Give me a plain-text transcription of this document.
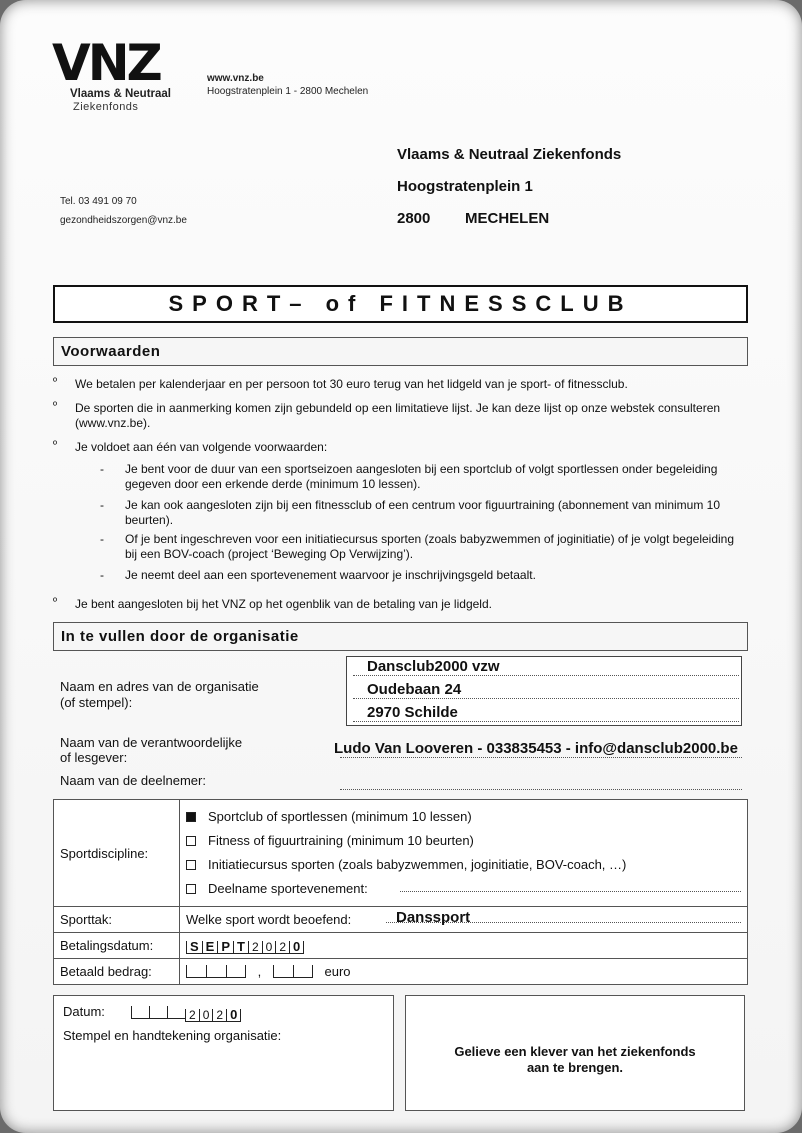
VNZ
Vlaams & Neutraal
Ziekenfonds
www.vnz.be
Hoogstratenplein 1 - 2800 Mechelen
Tel. 03 491 09 70
gezondheidszorgen@vnz.be
Vlaams & Neutraal Ziekenfonds
Hoogstratenplein 1
2800 MECHELEN
SPORT– of FITNESSCLUB
Voorwaarden
º	We betalen per kalenderjaar en per persoon tot 30 euro terug van het lidgeld van je sport- of fitnessclub.
º	De sporten die in aanmerking komen zijn gebundeld op een limitatieve lijst. Je kan deze lijst op onze webstek consulteren (www.vnz.be).
º	Je voldoet aan één van volgende voorwaarden:
-	Je bent voor de duur van een sportseizoen aangesloten bij een sportclub of volgt sportlessen onder begeleiding gegeven door een erkende derde (minimum 10 lessen).
-	Je kan ook aangesloten zijn bij een fitnessclub of een centrum voor figuurtraining (abonnement van minimum 10 beurten).
-	Of je bent ingeschreven voor een initiatiecursus sporten (zoals babyzwemmen of joginitiatie) of je volgt begeleiding bij een BOV-coach (project ‘Beweging Op Verwijzing’).
-	Je neemt deel aan een sportevenement waarvoor je inschrijvingsgeld betaalt.
º	Je bent aangesloten bij het VNZ op het ogenblik van de betaling van je lidgeld.
In te vullen door de organisatie
Naam en adres van de organisatie
(of stempel):
Dansclub2000 vzw
Oudebaan 24
2970 Schilde
Naam van de verantwoordelijke
of lesgever:
Ludo Van Looveren - 033835453 - info@dansclub2000.be
Naam van de deelnemer:
Sportdiscipline:	Sportclub of sportlessen (minimum 10 lessen)
Fitness of figuurtraining (minimum 10 beurten)
Initiatiecursus sporten (zoals babyzwemmen, joginitiatie, BOV-coach, …)
Deelname sportevenement:

Sporttak:	Welke sport wordt beoefend: Danssport

Betalingsdatum:	S E P T 2 0 2 0
Betaald bedrag:	, euro
Datum:	2 0 2 0
Stempel en handtekening organisatie:
Gelieve een klever van het ziekenfonds
aan te brengen.
